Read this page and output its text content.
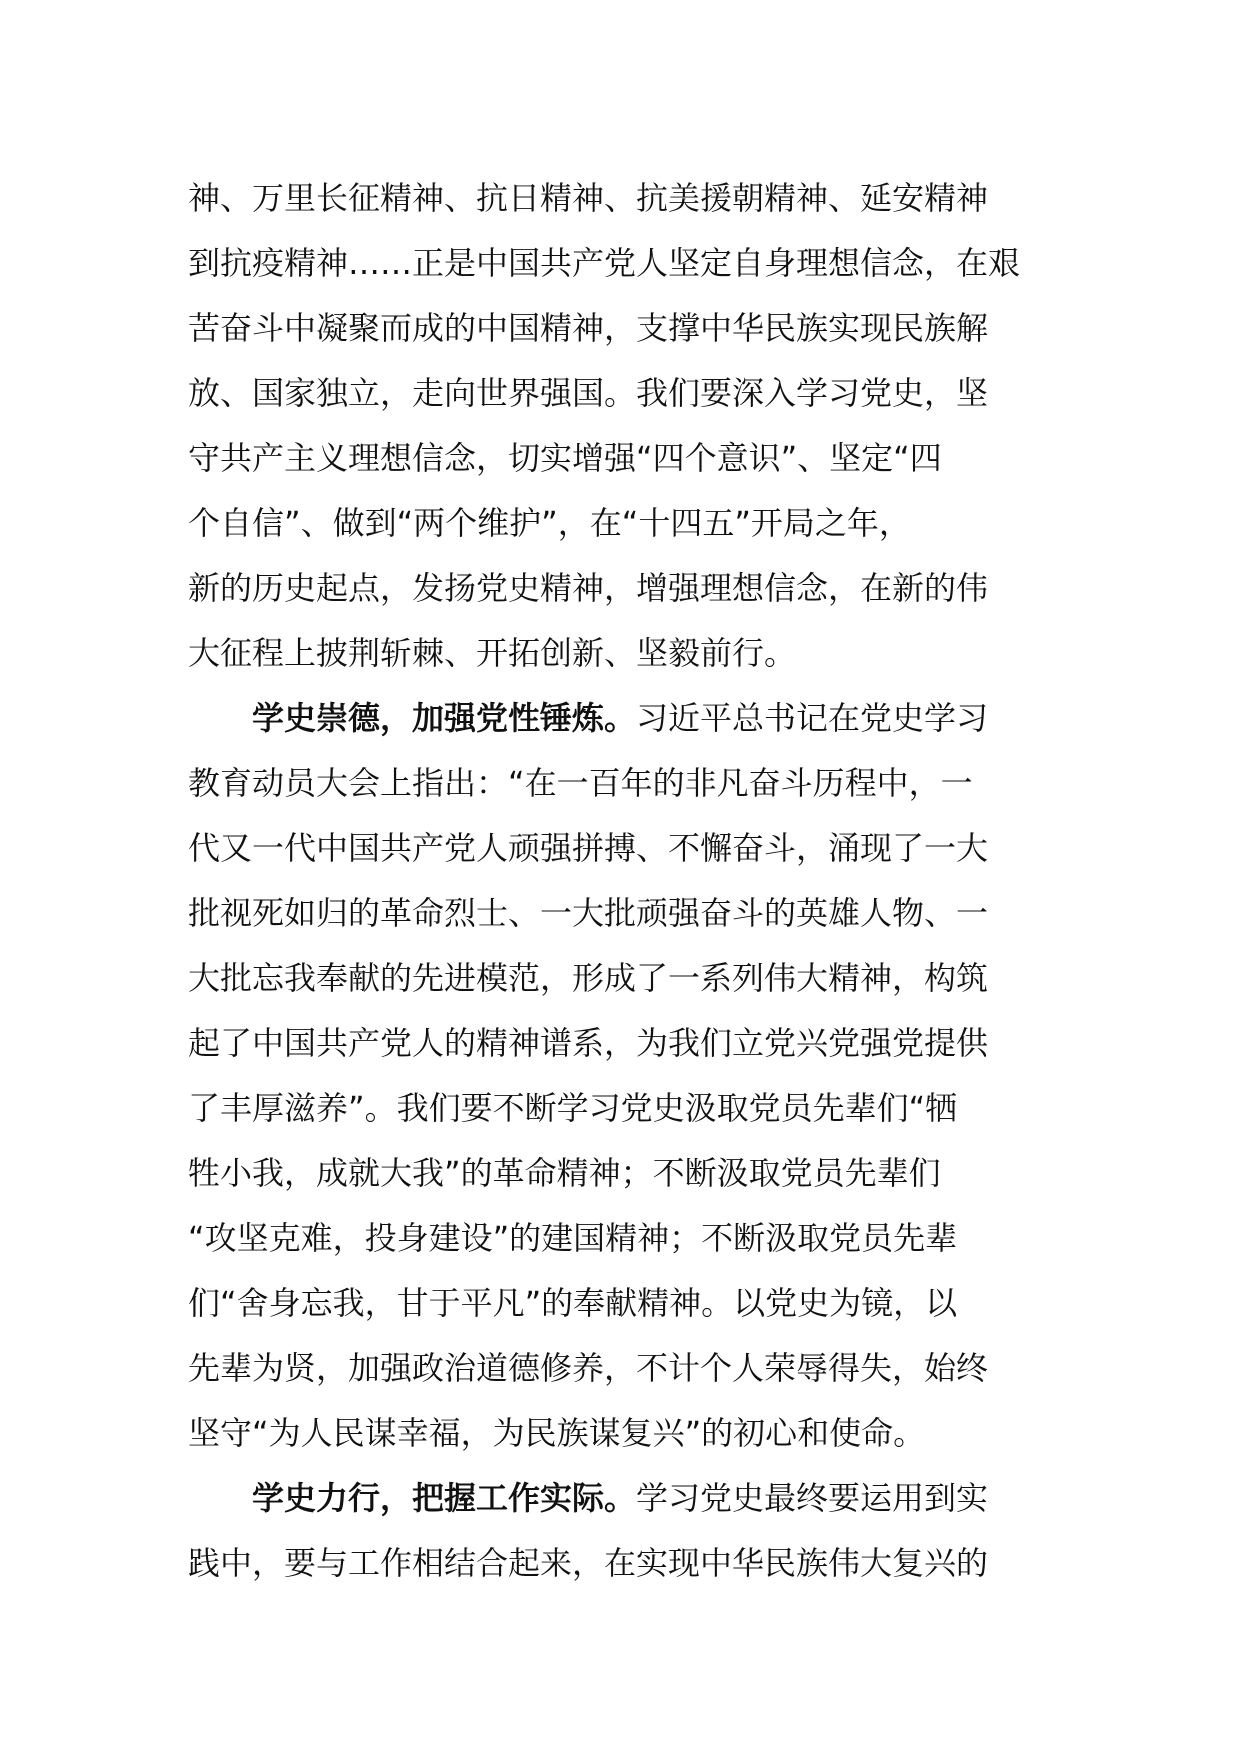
神、万里长征精神、抗日精神、抗美援朝精神、延安精神
到抗疫精神……正是中国共产党人坚定自身理想信念，在艰
苦奋斗中凝聚而成的中国精神，支撑中华民族实现民族解
放、国家独立，走向世界强国。我们要深入学习党史，坚
守共产主义理想信念，切实增强“四个意识”、坚定“四
个自信”、做到“两个维护”，在“十四五”开局之年，
新的历史起点，发扬党史精神，增强理想信念，在新的伟
大征程上披荆斩棘、开拓创新、坚毅前行。
学史崇德，加强党性锤炼。习近平总书记在党史学习
教育动员大会上指出：“在一百年的非凡奋斗历程中，一
代又一代中国共产党人顽强拼搏、不懈奋斗，涌现了一大
批视死如归的革命烈士、一大批顽强奋斗的英雄人物、一
大批忘我奉献的先进模范，形成了一系列伟大精神，构筑
起了中国共产党人的精神谱系，为我们立党兴党强党提供
了丰厚滋养”。我们要不断学习党史汲取党员先辈们“牺
牲小我，成就大我”的革命精神；不断汲取党员先辈们
“攻坚克难，投身建设”的建国精神；不断汲取党员先辈
们“舍身忘我，甘于平凡”的奉献精神。以党史为镜，以
先辈为贤，加强政治道德修养，不计个人荣辱得失，始终
坚守“为人民谋幸福，为民族谋复兴”的初心和使命。
学史力行，把握工作实际。学习党史最终要运用到实
践中，要与工作相结合起来，在实现中华民族伟大复兴的
